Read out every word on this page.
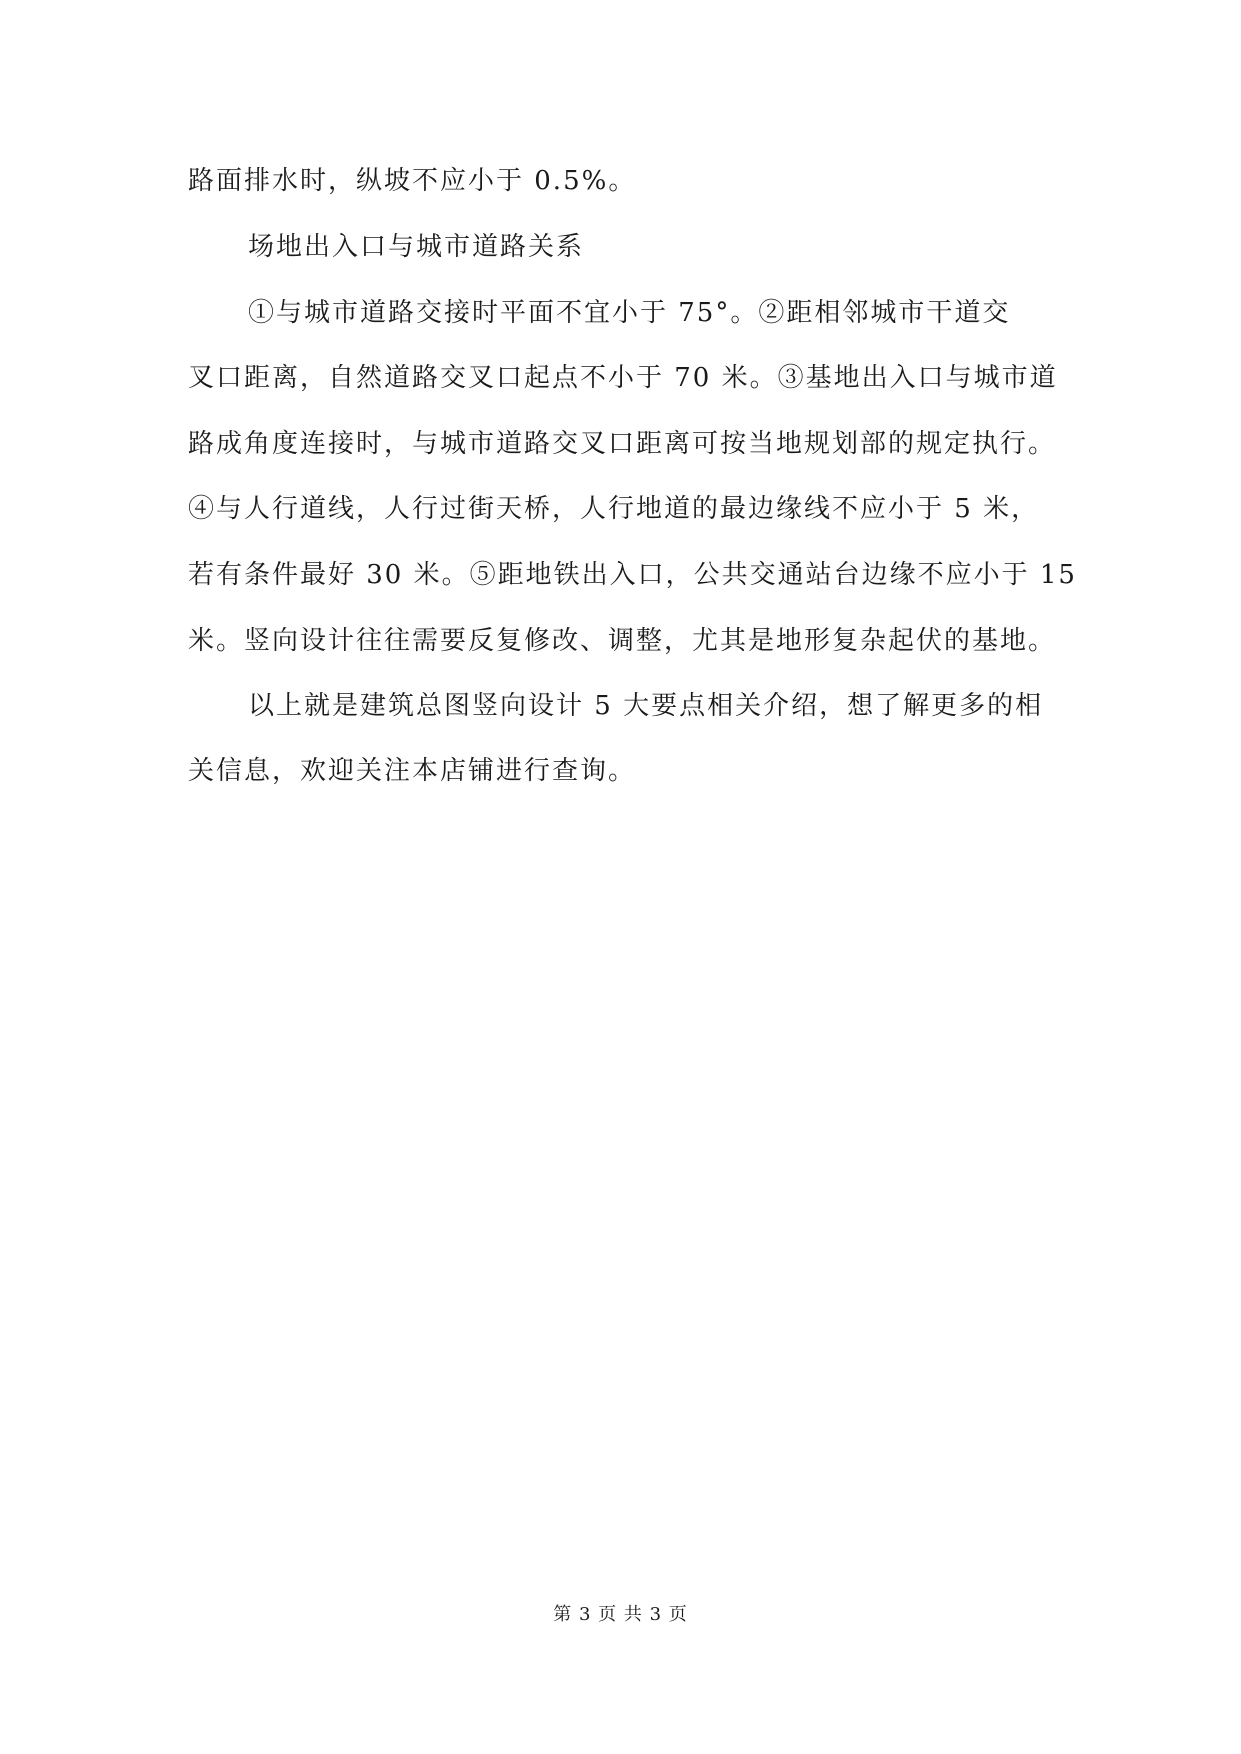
路面排水时，纵坡不应小于 0.5%。
场地出入口与城市道路关系
①与城市道路交接时平面不宜小于 75°。②距相邻城市干道交
叉口距离，自然道路交叉口起点不小于 70 米。③基地出入口与城市道
路成角度连接时，与城市道路交叉口距离可按当地规划部的规定执行。
④与人行道线，人行过街天桥，人行地道的最边缘线不应小于 5 米，
若有条件最好 30 米。⑤距地铁出入口，公共交通站台边缘不应小于 15
米。竖向设计往往需要反复修改、调整，尤其是地形复杂起伏的基地。
以上就是建筑总图竖向设计 5 大要点相关介绍，想了解更多的相
关信息，欢迎关注本店铺进行查询。
第 3 页 共 3 页
